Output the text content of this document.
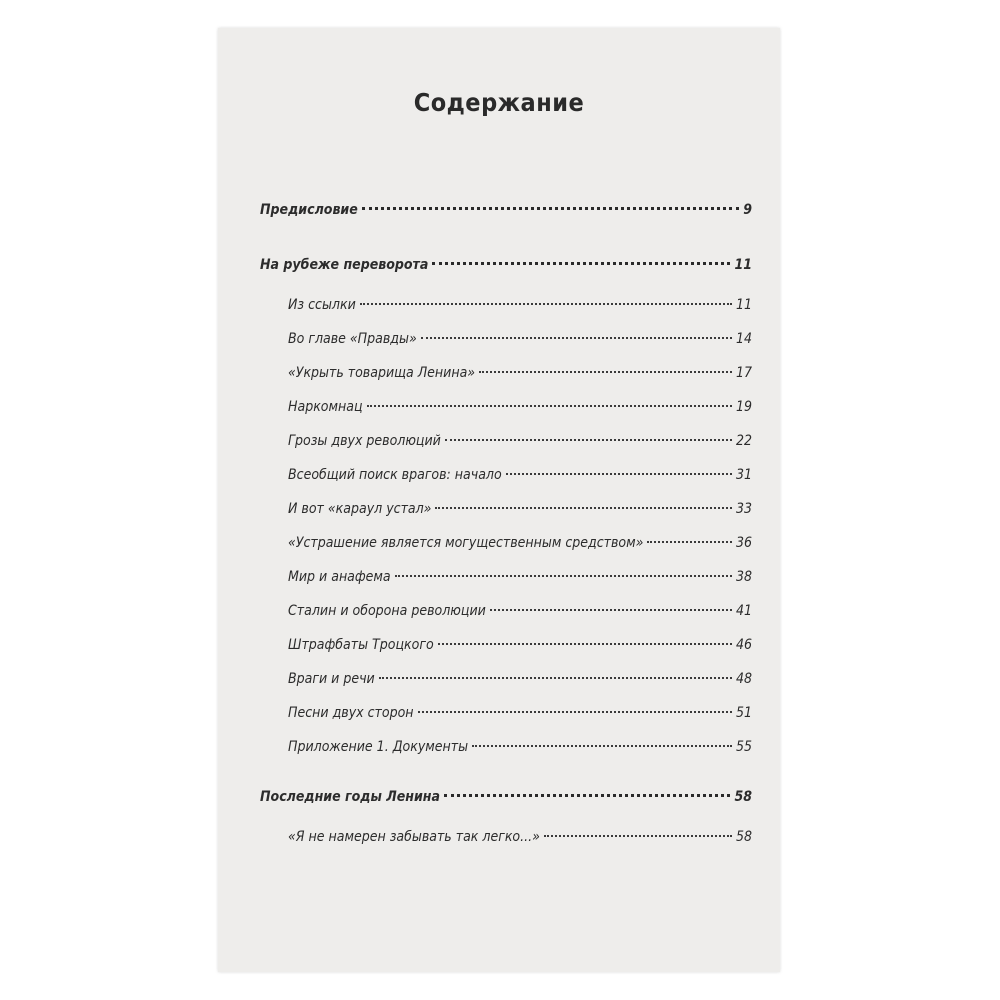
Содержание
Предисловие	9
На рубеже переворота	11
Из ссылки	11
Во главе «Правды»	14
«Укрыть товарища Ленина»	17
Наркомнац	19
Грозы двух революций	22
Всеобщий поиск врагов: начало	31
И вот «караул устал»	33
«Устрашение является могущественным средством»	36
Мир и анафема	38
Сталин и оборона революции	41
Штрафбаты Троцкого	46
Враги и речи	48
Песни двух сторон	51
Приложение 1. Документы	55
Последние годы Ленина	58
«Я не намерен забывать так легко...»	58
